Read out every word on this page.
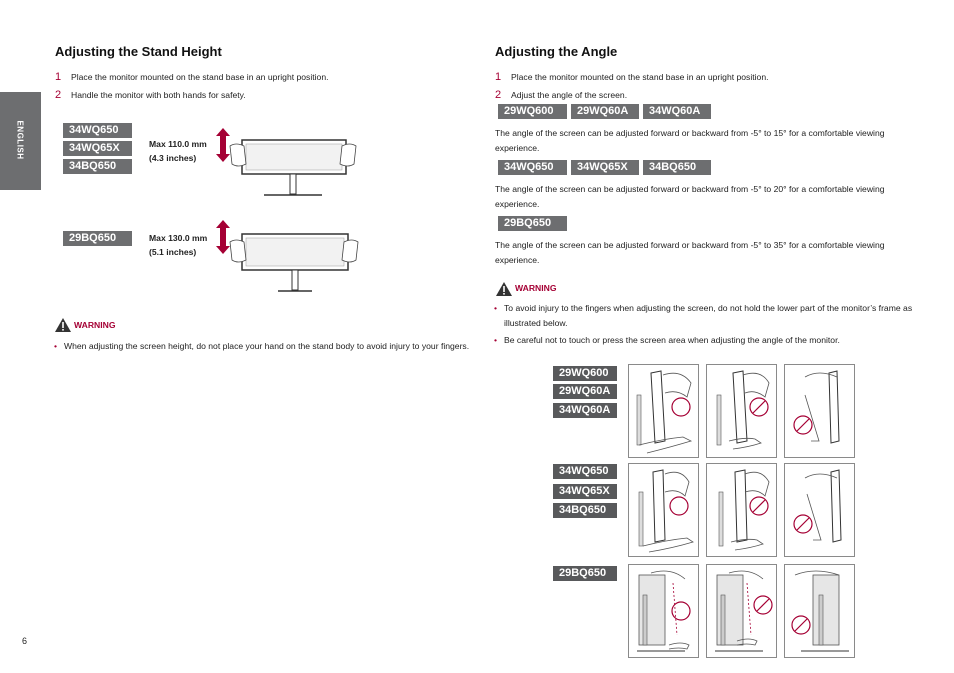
ENGLISH
Adjusting the Stand Height
1 Place the monitor mounted on the stand base in an upright position.
2 Handle the monitor with both hands for safety.
34WQ650
34WQ65X
34BQ650
Max 110.0 mm
(4.3 inches)
29BQ650	Max 130.0 mm
(5.1 inches)
WARNING
• When adjusting the screen height, do not place your hand on the stand body to avoid injury to your fingers.
6
Adjusting the Angle
1 Place the monitor mounted on the stand base in an upright position.
2 Adjust the angle of the screen.
29WQ600	29WQ60A	34WQ60A
The angle of the screen can be adjusted forward or backward from -5° to 15° for a comfortable viewing experience.
34WQ650	34WQ65X	34BQ650
The angle of the screen can be adjusted forward or backward from -5° to 20° for a comfortable viewing experience.
29BQ650
The angle of the screen can be adjusted forward or backward from -5° to 35° for a comfortable viewing experience.
WARNING
• To avoid injury to the fingers when adjusting the screen, do not hold the lower part of the monitor’s frame as illustrated below.
• Be careful not to touch or press the screen area when adjusting the angle of the monitor.
29WQ600
29WQ60A
34WQ60A
34WQ650
34WQ65X
34BQ650
29BQ650
